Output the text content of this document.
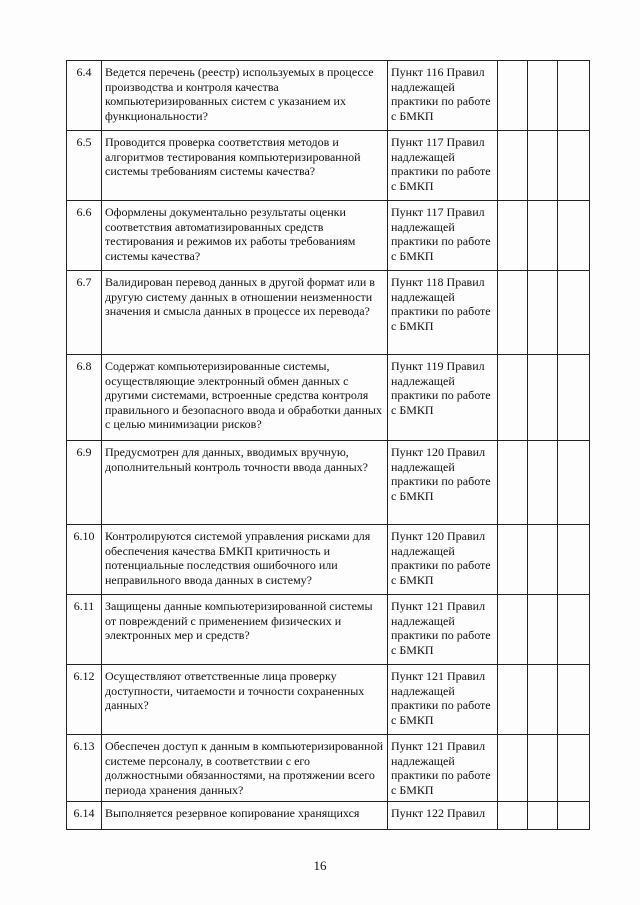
6.4	Ведется перечень (реестр) используемых в процессе производства и контроля качества компьютеризированных систем с указанием их функциональности?	Пункт 116 Правил надлежащей практики по работе с БМКП			
6.5	Проводится проверка соответствия методов и алгоритмов тестирования компьютеризированной системы требованиям системы качества?	Пункт 117 Правил надлежащей практики по работе с БМКП			
6.6	Оформлены документально результаты оценки соответствия автоматизированных средств тестирования и режимов их работы требованиям системы качества?	Пункт 117 Правил надлежащей практики по работе с БМКП			
6.7	Валидирован перевод данных в другой формат или в другую систему данных в отношении неизменности значения и смысла данных в процессе их перевода?	Пункт 118 Правил надлежащей практики по работе с БМКП			
6.8	Содержат компьютеризированные системы, осуществляющие электронный обмен данных с другими системами, встроенные средства контроля правильного и безопасного ввода и обработки данных с целью минимизации рисков?	Пункт 119 Правил надлежащей практики по работе с БМКП			
6.9	Предусмотрен для данных, вводимых вручную, дополнительный контроль точности ввода данных?	Пункт 120 Правил надлежащей практики по работе с БМКП			
6.10	Контролируются системой управления рисками для обеспечения качества БМКП критичность и потенциальные последствия ошибочного или неправильного ввода данных в систему?	Пункт 120 Правил надлежащей практики по работе с БМКП			
6.11	Защищены данные компьютеризированной системы от повреждений с применением физических и электронных мер и средств?	Пункт 121 Правил надлежащей практики по работе с БМКП			
6.12	Осуществляют ответственные лица проверку доступности, читаемости и точности сохраненных данных?	Пункт 121 Правил надлежащей практики по работе с БМКП			
6.13	Обеспечен доступ к данным в компьютеризированной системе персоналу, в соответствии с его должностными обязанностями, на протяжении всего периода хранения данных?	Пункт 121 Правил надлежащей практики по работе с БМКП			
6.14	Выполняется резервное копирование хранящихся	Пункт 122 Правил			
16
